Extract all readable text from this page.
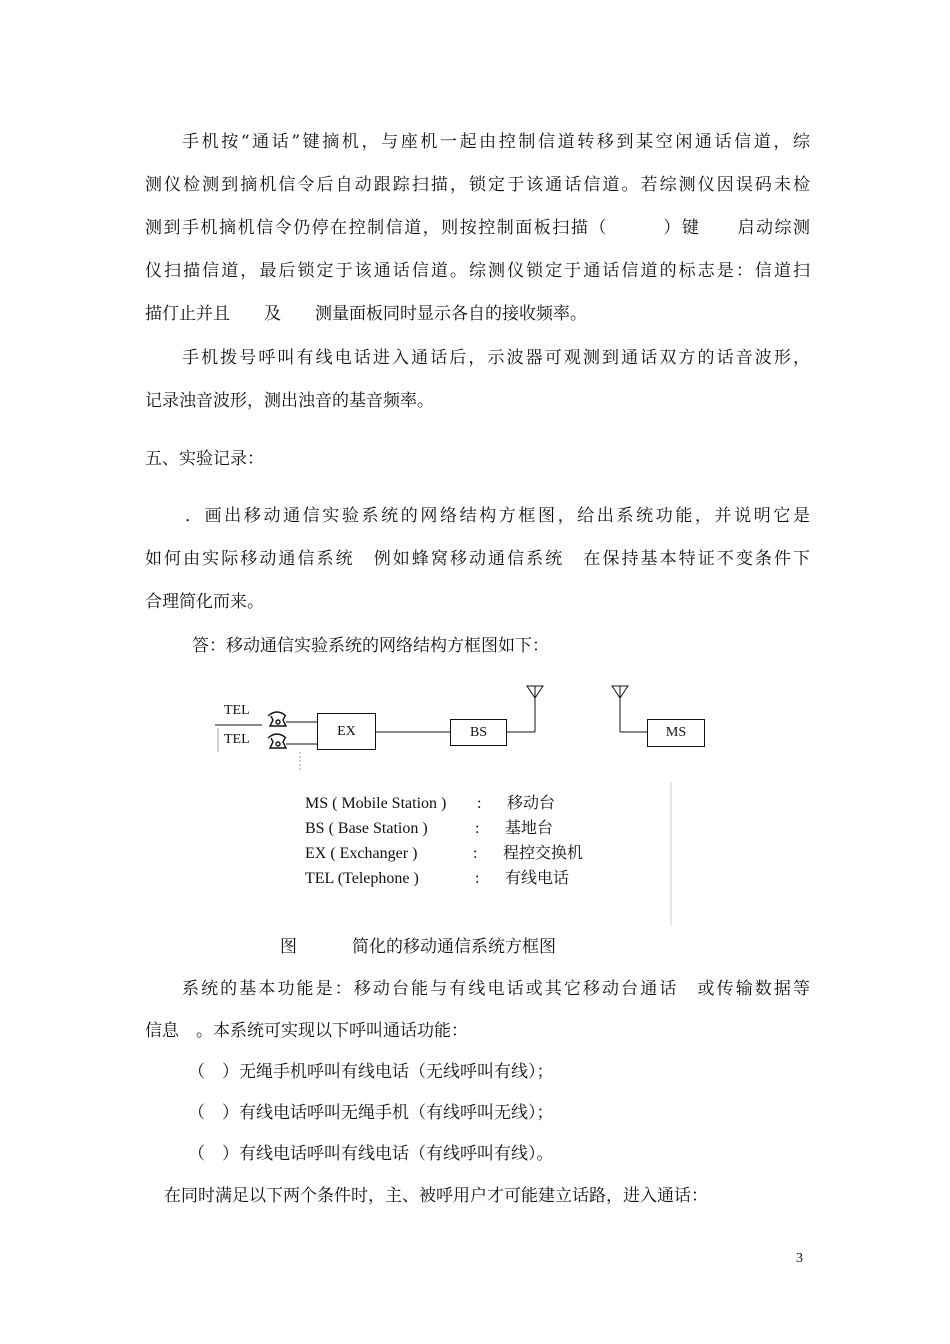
手机按“通话”键摘机，与座机一起由控制信道转移到某空闲通话信道，综
测仪检测到摘机信令后自动跟踪扫描，锁定于该通话信道。若综测仪因误码未检
测到手机摘机信令仍停在控制信道，则按控制面板扫描（　　　）键　　启动综测
仪扫描信道，最后锁定于该通话信道。综测仪锁定于通话信道的标志是：信道扫
描仃止并且　　及　　测量面板同时显示各自的接收频率。
手机拨号呼叫有线电话进入通话后，示波器可观测到通话双方的话音波形，
记录浊音波形，测出浊音的基音频率。
五、实验记录：
．画出移动通信实验系统的网络结构方框图，给出系统功能，并说明它是
如何由实际移动通信系统　例如蜂窝移动通信系统　在保持基本特证不变条件下
合理简化而来。
答：移动通信实验系统的网络结构方框图如下：
TEL
TEL
EX	BS	MS
MS ( Mobile Station ) : 移动台
BS ( Base Station )	: 基地台
EX ( Exchanger )	: 程控交换机
TEL (Telephone )	: 有线电话
图	简化的移动通信系统方框图
系统的基本功能是：移动台能与有线电话或其它移动台通话　或传输数据等
信息　。本系统可实现以下呼叫通话功能：
（　）无绳手机呼叫有线电话（无线呼叫有线）；
（　）有线电话呼叫无绳手机（有线呼叫无线）；
（　）有线电话呼叫有线电话（有线呼叫有线）。
在同时满足以下两个条件时，主、被呼用户才可能建立话路，进入通话：
3
